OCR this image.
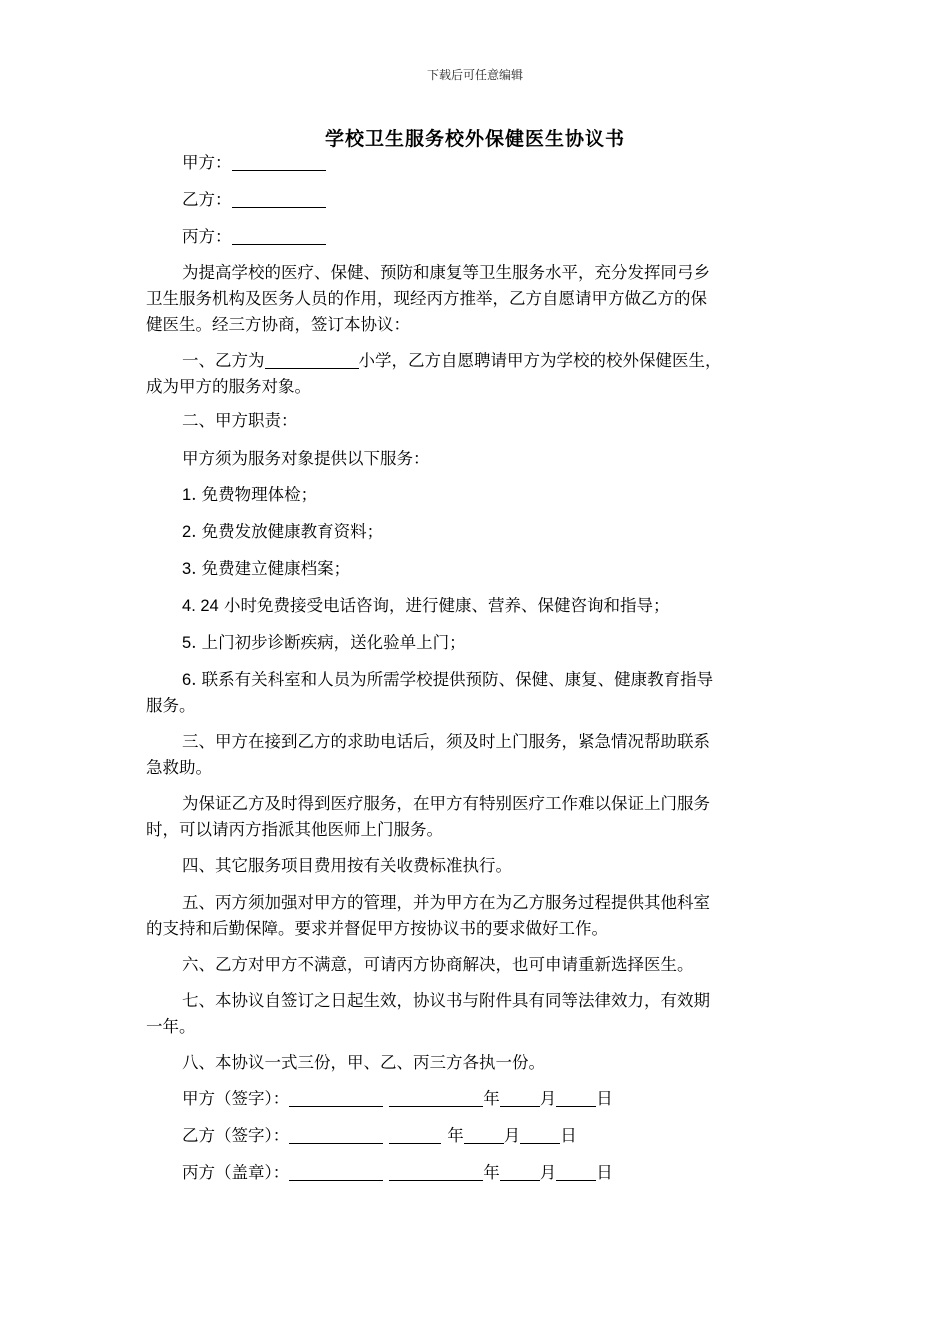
下载后可任意编辑
学校卫生服务校外保健医生协议书
甲方：
乙方：
丙方：
为提高学校的医疗、保健、预防和康复等卫生服务水平，充分发挥同弓乡
卫生服务机构及医务人员的作用，现经丙方推举，乙方自愿请甲方做乙方的保
健医生。经三方协商，签订本协议：
一、乙方为	小学，乙方自愿聘请甲方为学校的校外保健医生，
成为甲方的服务对象。
二、甲方职责：
甲方须为服务对象提供以下服务：
1. 免费物理体检；
2. 免费发放健康教育资料；
3. 免费建立健康档案；
4. 24 小时免费接受电话咨询，进行健康、营养、保健咨询和指导；
5. 上门初步诊断疾病，送化验单上门；
6. 联系有关科室和人员为所需学校提供预防、保健、康复、健康教育指导
服务。
三、甲方在接到乙方的求助电话后，须及时上门服务，紧急情况帮助联系
急救助。
为保证乙方及时得到医疗服务，在甲方有特别医疗工作难以保证上门服务
时，可以请丙方指派其他医师上门服务。
四、其它服务项目费用按有关收费标准执行。
五、丙方须加强对甲方的管理，并为甲方在为乙方服务过程提供其他科室
的支持和后勤保障。要求并督促甲方按协议书的要求做好工作。
六、乙方对甲方不满意，可请丙方协商解决，也可申请重新选择医生。
七、本协议自签订之日起生效，协议书与附件具有同等法律效力，有效期
一年。
八、本协议一式三份，甲、乙、丙三方各执一份。
甲方（签字）：	年 月 日
乙方（签字）：	年 月 日
丙方（盖章）：	年 月 日
